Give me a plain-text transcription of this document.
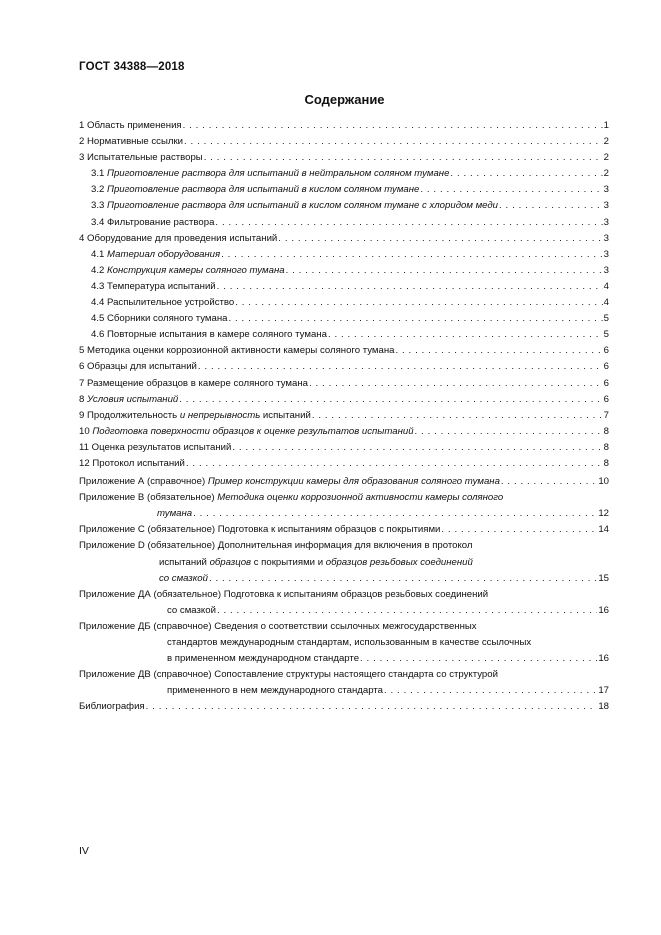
ГОСТ 34388—2018
Содержание
1 Область применения . . .	1
2 Нормативные ссылки . . .	2
3 Испытательные растворы . . .	2
3.1 Приготовление раствора для испытаний в нейтральном соляном тумане . . .	2
3.2 Приготовление раствора для испытаний в кислом соляном тумане . . .	3
3.3 Приготовление раствора для испытаний в кислом соляном тумане с хлоридом меди . . .	3
3.4 Фильтрование раствора . . .	3
4 Оборудование для проведения испытаний . . .	3
4.1 Материал оборудования . . .	3
4.2 Конструкция камеры соляного тумана . . .	3
4.3 Температура испытаний . . .	4
4.4 Распылительное устройство . . .	4
4.5 Сборники соляного тумана . . .	5
4.6 Повторные испытания в камере соляного тумана . . .	5
5 Методика оценки коррозионной активности камеры соляного тумана . . .	6
6 Образцы для испытаний . . .	6
7 Размещение образцов в камере соляного тумана . . .	6
8 Условия испытаний . . .	6
9 Продолжительность и непрерывность испытаний . . .	7
10 Подготовка поверхности образцов к оценке результатов испытаний . . .	8
11 Оценка результатов испытаний . . .	8
12 Протокол испытаний . . .	8
Приложение А (справочное) Пример конструкции камеры для образования соляного тумана . . .	10
Приложение В (обязательное) Методика оценки коррозионной активности камеры соляного
тумана . . .	12
Приложение С (обязательное) Подготовка к испытаниям образцов с покрытиями . . .	14
Приложение D (обязательное) Дополнительная информация для включения в протокол
испытаний образцов с покрытиями и образцов резьбовых соединений
со смазкой . . .	15
Приложение ДА (обязательное) Подготовка к испытаниям образцов резьбовых соединений
со смазкой . . .	16
Приложение ДБ (справочное) Сведения о соответствии ссылочных межгосударственных
стандартов международным стандартам, использованным в качестве ссылочных
в примененном международном стандарте . . .	16
Приложение ДВ (справочное) Сопоставление структуры настоящего стандарта со структурой
примененного в нем международного стандарта . . .	17
Библиография . . .	18
IV
